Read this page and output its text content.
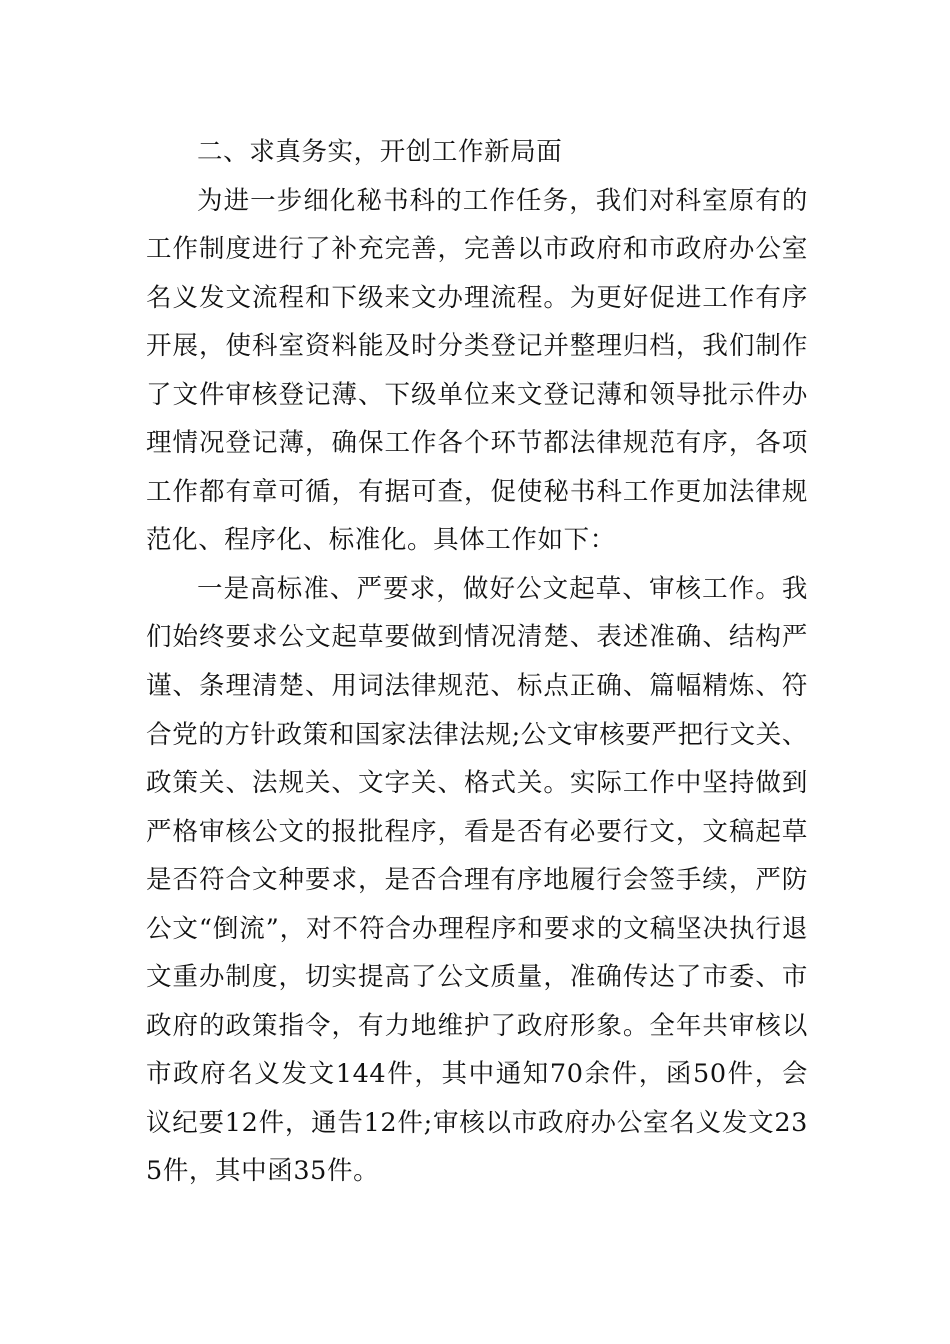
二、求真务实，开创工作新局面

为进一步细化秘书科的工作任务，我们对科室原有的工作制度进行了补充完善，完善以市政府和市政府办公室名义发文流程和下级来文办理流程。为更好促进工作有序开展，使科室资料能及时分类登记并整理归档，我们制作了文件审核登记薄、下级单位来文登记薄和领导批示件办理情况登记薄，确保工作各个环节都法律规范有序，各项工作都有章可循，有据可查，促使秘书科工作更加法律规范化、程序化、标准化。具体工作如下：

一是高标准、严要求，做好公文起草、审核工作。我们始终要求公文起草要做到情况清楚、表述准确、结构严谨、条理清楚、用词法律规范、标点正确、篇幅精炼、符合党的方针政策和国家法律法规;公文审核要严把行文关、政策关、法规关、文字关、格式关。实际工作中坚持做到严格审核公文的报批程序，看是否有必要行文，文稿起草是否符合文种要求，是否合理有序地履行会签手续，严防公文“倒流”，对不符合办理程序和要求的文稿坚决执行退文重办制度，切实提高了公文质量，准确传达了市委、市政府的政策指令，有力地维护了政府形象。全年共审核以市政府名义发文144件，其中通知70余件，函50件，会议纪要12件，通告12件;审核以市政府办公室名义发文235件，其中函35件。
